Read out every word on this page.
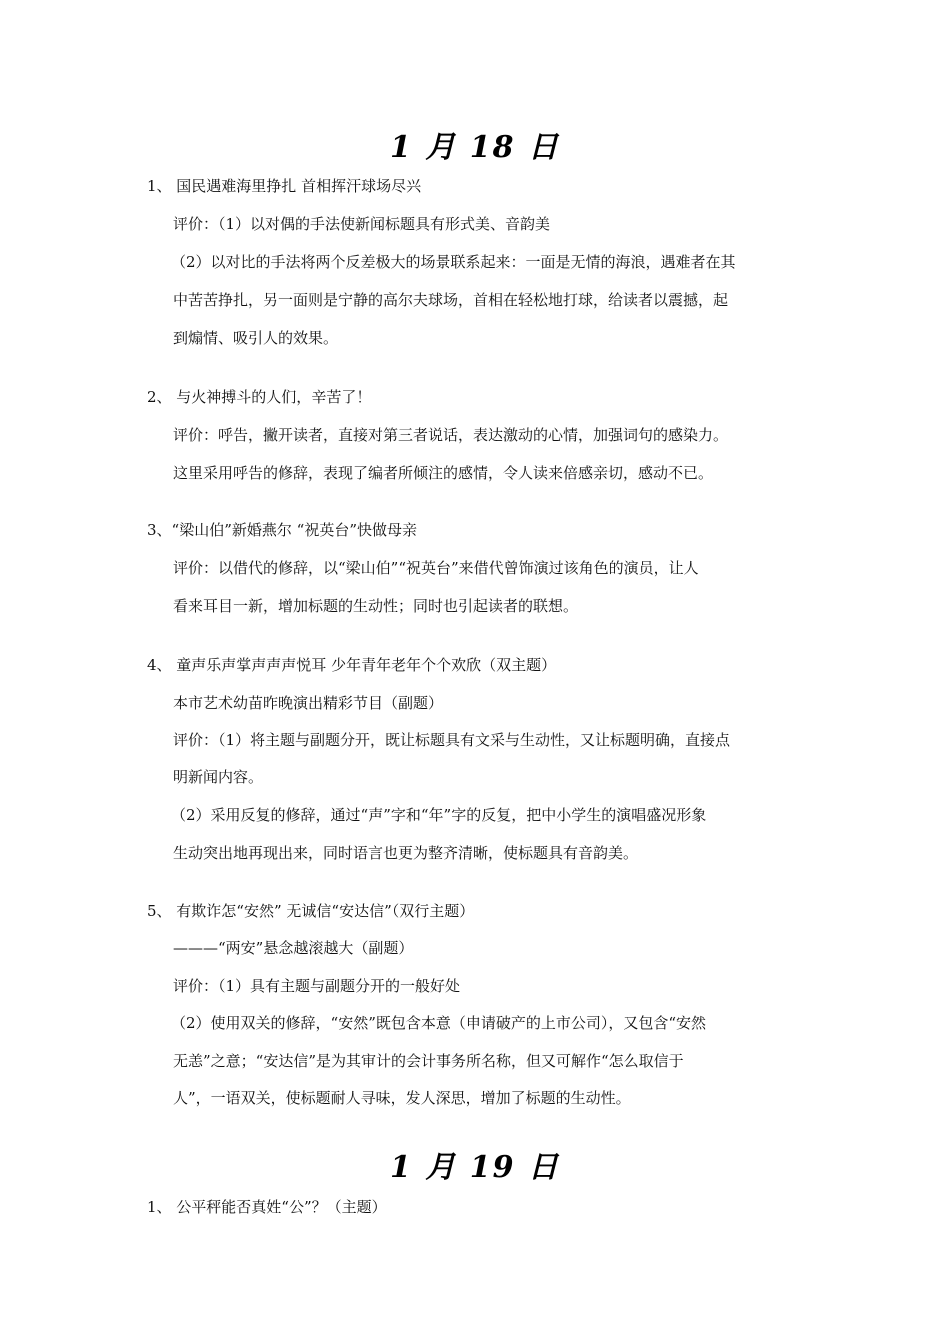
1 月 18 日
1、 国民遇难海里挣扎 首相挥汗球场尽兴
评价：（1）以对偶的手法使新闻标题具有形式美、音韵美
（2）以对比的手法将两个反差极大的场景联系起来：一面是无情的海浪，遇难者在其
中苦苦挣扎，另一面则是宁静的高尔夫球场，首相在轻松地打球，给读者以震撼，起
到煽情、吸引人的效果。
2、 与火神搏斗的人们，辛苦了！
评价：呼告，撇开读者，直接对第三者说话，表达激动的心情，加强词句的感染力。
这里采用呼告的修辞，表现了编者所倾注的感情，令人读来倍感亲切，感动不已。
3、“梁山伯”新婚燕尔 “祝英台”快做母亲
评价：以借代的修辞，以“梁山伯”“祝英台”来借代曾饰演过该角色的演员，让人
看来耳目一新，增加标题的生动性；同时也引起读者的联想。
4、 童声乐声掌声声声悦耳 少年青年老年个个欢欣（双主题）
本市艺术幼苗昨晚演出精彩节目（副题）
评价：（1）将主题与副题分开，既让标题具有文采与生动性，又让标题明确，直接点
明新闻内容。
（2）采用反复的修辞，通过“声”字和“年”字的反复，把中小学生的演唱盛况形象
生动突出地再现出来，同时语言也更为整齐清晰，使标题具有音韵美。
5、 有欺诈怎“安然” 无诚信“安达信”（双行主题）
———“两安”悬念越滚越大（副题）
评价：（1）具有主题与副题分开的一般好处
（2）使用双关的修辞，“安然”既包含本意（申请破产的上市公司），又包含“安然
无恙”之意；“安达信”是为其审计的会计事务所名称，但又可解作“怎么取信于
人”，一语双关，使标题耐人寻味，发人深思，增加了标题的生动性。
1 月 19 日
1、 公平秤能否真姓“公”？（主题）
